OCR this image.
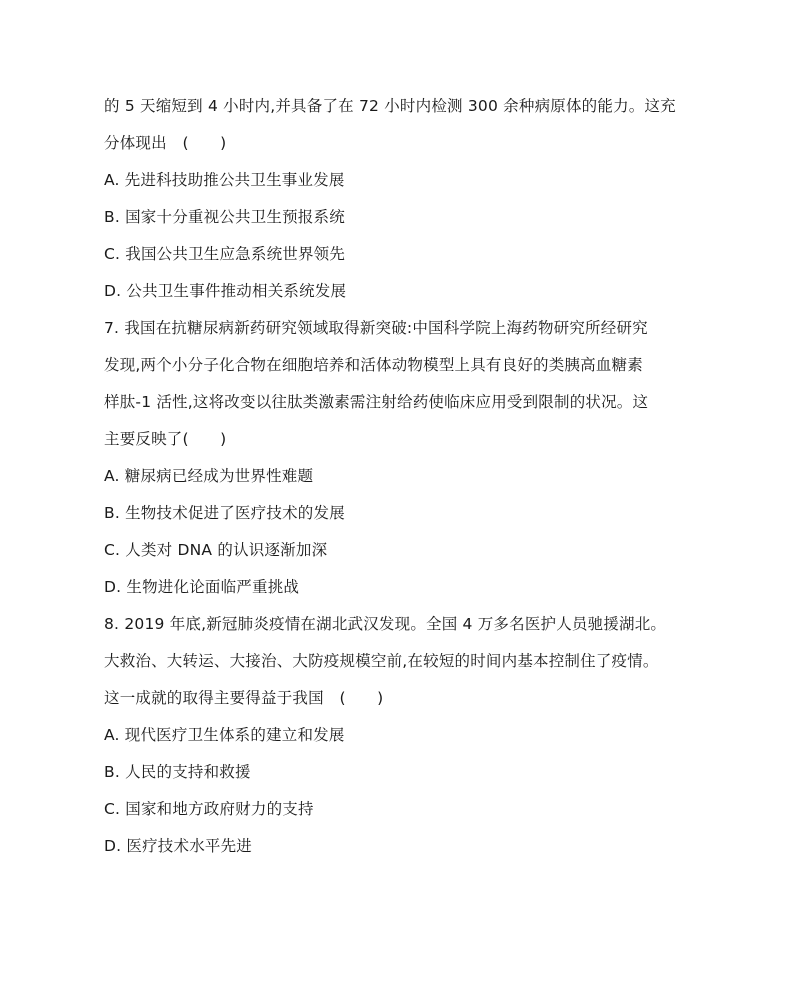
的 5 天缩短到 4 小时内,并具备了在 72 小时内检测 300 余种病原体的能力。这充
分体现出　(　　)
A. 先进科技助推公共卫生事业发展
B. 国家十分重视公共卫生预报系统
C. 我国公共卫生应急系统世界领先
D. 公共卫生事件推动相关系统发展
7. 我国在抗糖尿病新药研究领域取得新突破:中国科学院上海药物研究所经研究
发现,两个小分子化合物在细胞培养和活体动物模型上具有良好的类胰高血糖素
样肽-1 活性,这将改变以往肽类激素需注射给药使临床应用受到限制的状况。这
主要反映了(　　)
A. 糖尿病已经成为世界性难题
B. 生物技术促进了医疗技术的发展
C. 人类对 DNA 的认识逐渐加深
D. 生物进化论面临严重挑战
8. 2019 年底,新冠肺炎疫情在湖北武汉发现。全国 4 万多名医护人员驰援湖北。
大救治、大转运、大接治、大防疫规模空前,在较短的时间内基本控制住了疫情。
这一成就的取得主要得益于我国　(　　)
A. 现代医疗卫生体系的建立和发展
B. 人民的支持和救援
C. 国家和地方政府财力的支持
D. 医疗技术水平先进
